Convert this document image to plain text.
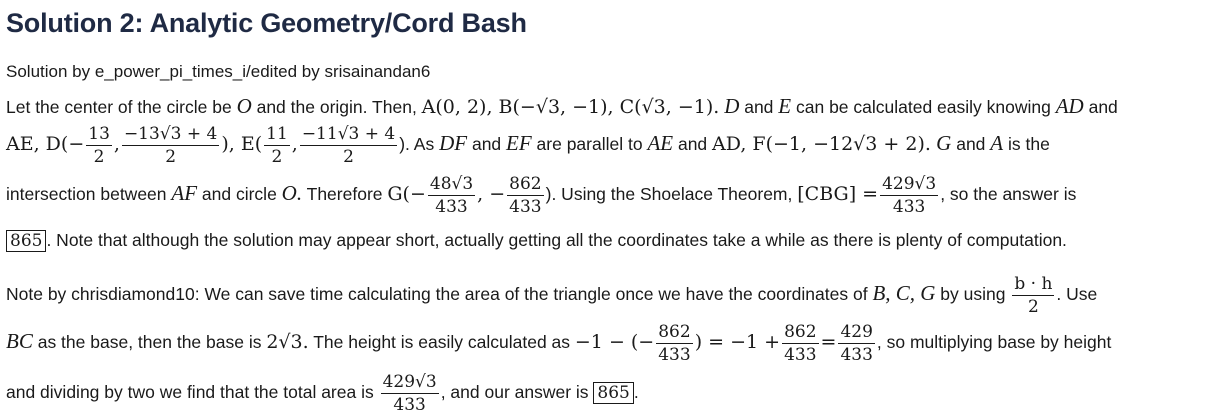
Solution 2: Analytic Geometry/Cord Bash
Solution by e_power_pi_times_i/edited by srisainandan6
Let the center of the circle be O and the origin. Then, A(0, 2), B(−√3, −1), C(√3, −1). D and E can be calculated easily knowing AD and
AE, $D(- \frac{13}{2}$ , $\frac{-13√3 + 4}{2}$ ), $E( \frac{11}{2}$ , $\frac{-11√3 + 4}{2}$ ). As DF and EF are parallel to AE and AD, F(−1, −12√3 + 2). G and A is the
intersection between AF and circle O. Therefore $G(- \frac{48√3}{433}$ , − $\frac{862}{433}$ ). Using the Shoelace Theorem, $[CBG] = \frac{429√3}{433}$ , so the answer is
865 . Note that although the solution may appear short, actually getting all the coordinates take a while as there is plenty of computation.
Note by chrisdiamond10: We can save time calculating the area of the triangle once we have the coordinates of B, C, G by using $\frac{b \cdot h}{2}$ . Use
BC as the base, then the base is 2√3. The height is easily calculated as −1 − (− $\frac{862}{433}$ ) = $-1 + \frac{862}{433} = \frac{429}{433}$ , so multiplying base by height
and dividing by two we find that the total area is $\frac{429√3}{433}$ , and our answer is 865 .
